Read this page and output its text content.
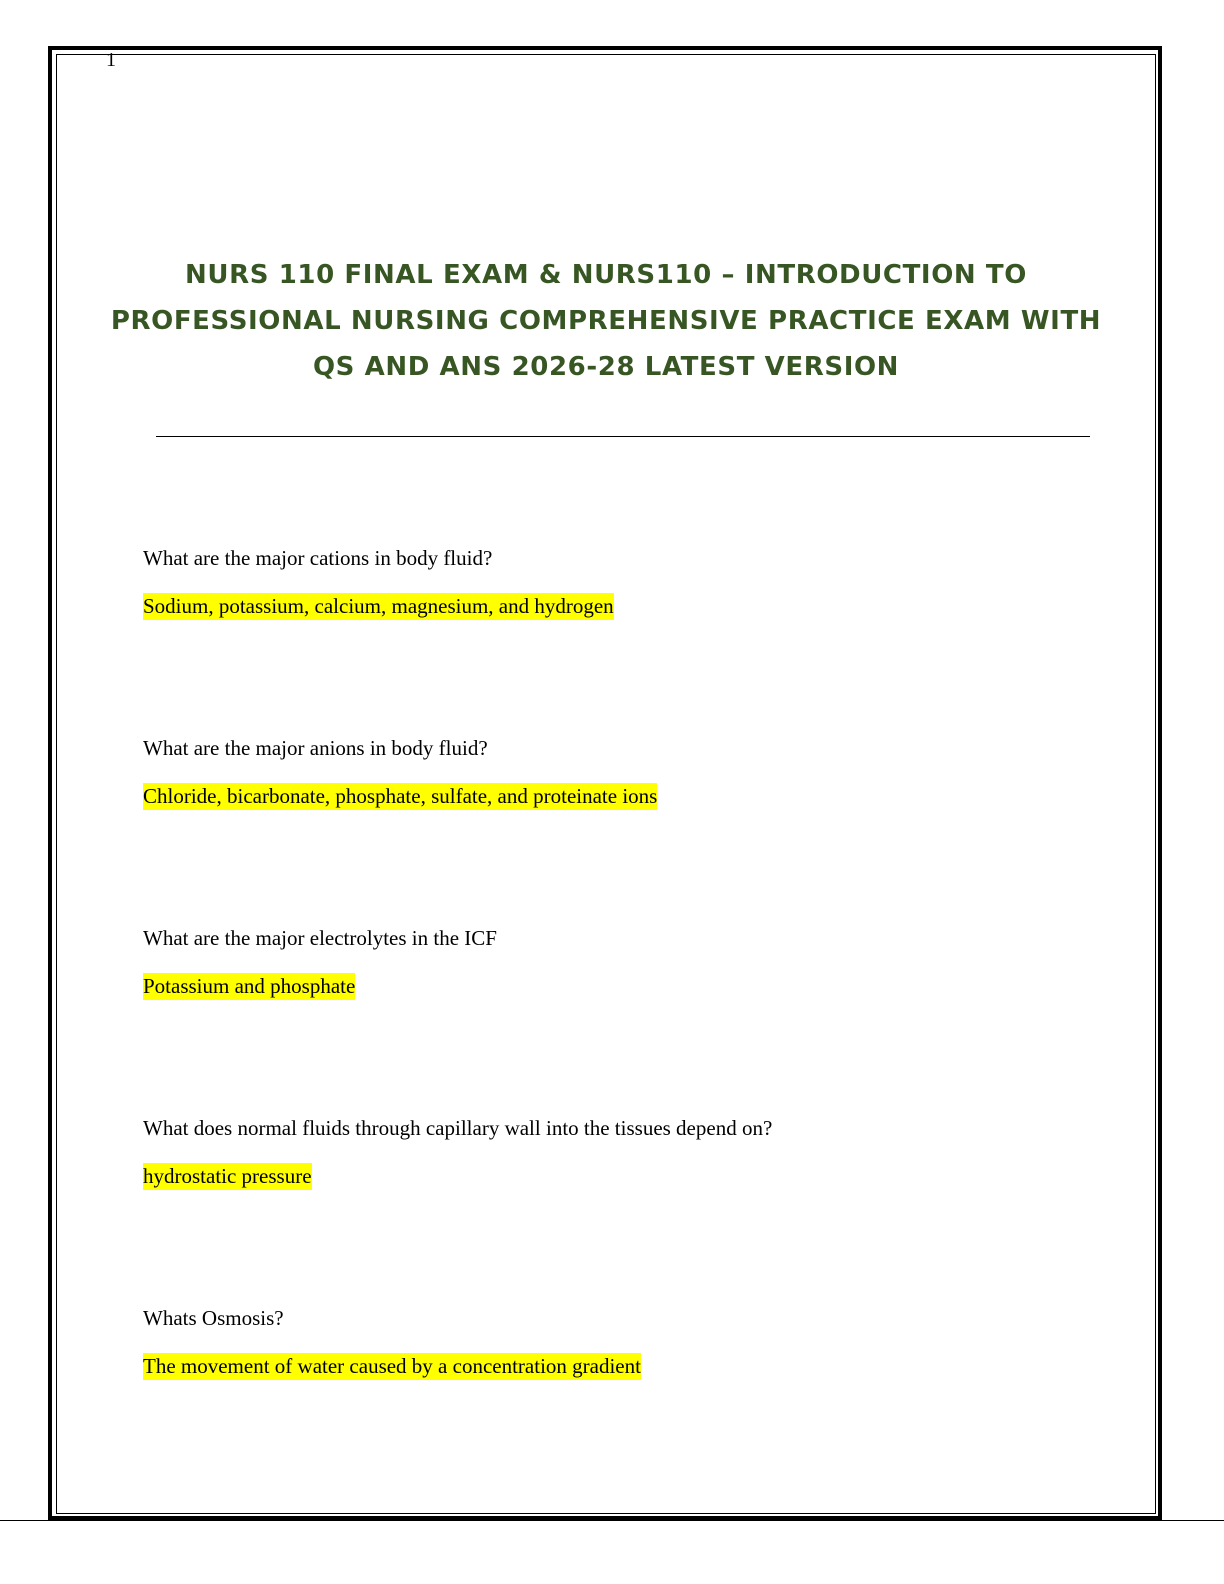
1
NURS 110 FINAL EXAM & NURS110 – INTRODUCTION TO PROFESSIONAL NURSING COMPREHENSIVE PRACTICE EXAM WITH QS AND ANS 2026-28 LATEST VERSION
What are the major cations in body fluid?
Sodium, potassium, calcium, magnesium, and hydrogen
What are the major anions in body fluid?
Chloride, bicarbonate, phosphate, sulfate, and proteinate ions
What are the major electrolytes in the ICF
Potassium and phosphate
What does normal fluids through capillary wall into the tissues depend on?
hydrostatic pressure
Whats Osmosis?
The movement of water caused by a concentration gradient
